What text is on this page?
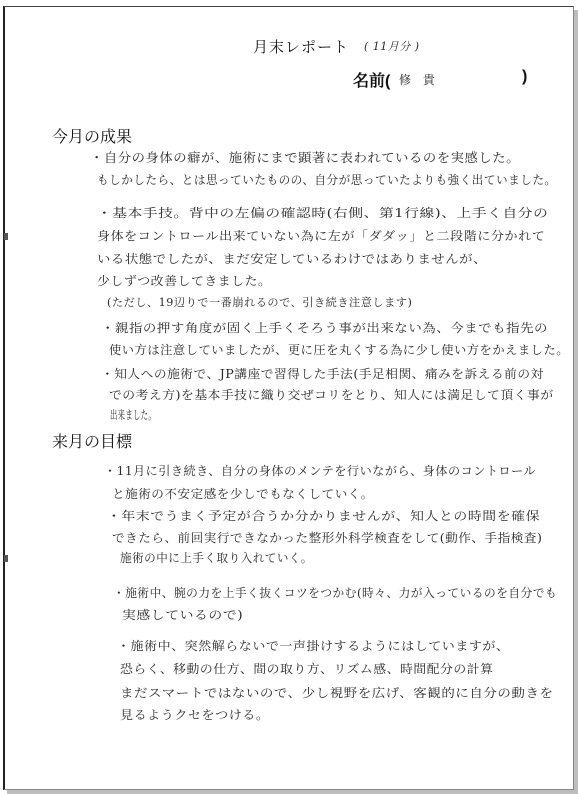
月末レポート ( 11月分 )
名前( 修 貴	)
今月の成果
・自分の身体の癖が、施術にまで顕著に表われているのを実感した。
もしかしたら、とは思っていたものの、自分が思っていたよりも強く出ていました。
・基本手技。背中の左偏の確認時(右側、第1行線)、上手く自分の
身体をコントロール出来ていない為に左が「ダダッ」と二段階に分かれて
いる状態でしたが、まだ安定しているわけではありませんが、
少しずつ改善してきました。
(ただし、19辺りで一番崩れるので、引き続き注意します)
・親指の押す角度が固く上手くそろう事が出来ない為、今までも指先の
使い方は注意していましたが、更に圧を丸くする為に少し使い方をかえました。
・知人への施術で、JP講座で習得した手法(手足相関、痛みを訴える前の対
での考え方)を基本手技に織り交ぜコリをとり、知人には満足して頂く事が
出来ました。
来月の目標
・11月に引き続き、自分の身体のメンテを行いながら、身体のコントロール
と施術の不安定感を少しでもなくしていく。
・年末でうまく予定が合うか分かりませんが、知人との時間を確保
できたら、前回実行できなかった整形外科学検査をして(動作、手指検査)
施術の中に上手く取り入れていく。
・施術中、腕の力を上手く抜くコツをつかむ(時々、力が入っているのを自分でも
実感しているので)
・施術中、突然解らないで一声掛けするようにはしていますが、
恐らく、移動の仕方、間の取り方、リズム感、時間配分の計算
まだスマートではないので、少し視野を広げ、客観的に自分の動きを
見るようクセをつける。
